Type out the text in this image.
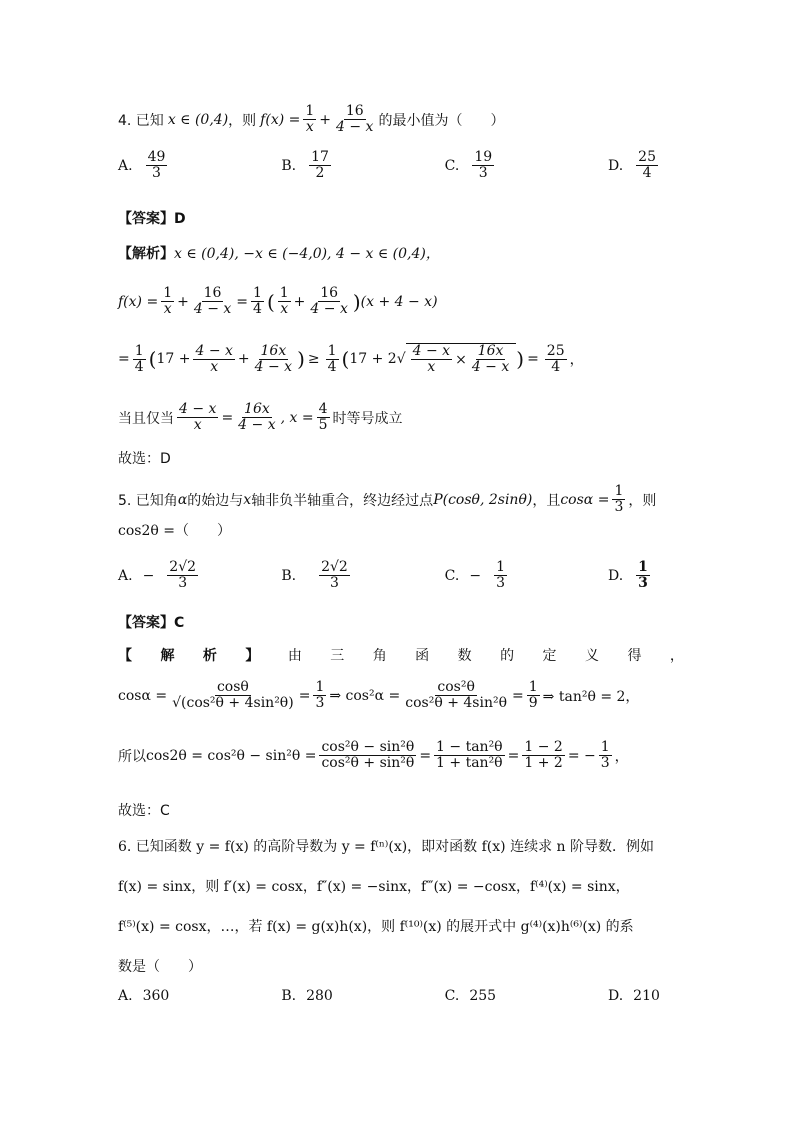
4. 已知 x ∈ (0,4) ，则 $f(x) = \frac{1}{x} + \frac{16}{4 - x}$ 的最小值为（　　）
A. $\frac{49}{3}$	B. $\frac{17}{2}$	C. $\frac{19}{3}$	D. $\frac{25}{4}$
【答案】D
【解析】 x ∈ (0,4), −x ∈ (−4,0), 4 − x ∈ (0,4)，
$f(x) = \frac{1}{x} + \frac{16}{4 - x} = \frac{1}{4}$ ( $\frac{1}{x} + \frac{16}{4 - x}$ ) (x + 4 − x)
= $\frac{1}{4}$ ( $17 + \frac{4 - x}{x} + \frac{16x}{4 - x}$ ) ≥ $\frac{1}{4}$ ( 17 + 2 √ $\frac{4 - x}{x} \times \frac{16x}{4 - x}$ ) = $\frac{25}{4}$ ，
当且仅当 $\frac{4 - x}{x} = \frac{16x}{4 - x}$ , $x = \frac{4}{5}$ 时等号成立
故选：D
5. 已知角 α 的始边与 x 轴非负半轴重合，终边经过点 P(cosθ, 2sinθ) ，且 $\cos\alpha = \frac{1}{3}$ ，则
cos2θ =（　　）
A. − $\frac{2√2}{3}$	B. $\frac{2√2}{3}$	C. − $\frac{1}{3}$	D. $\frac{1}{3}$
【答案】C
【 解 析 】 由 三 角 函 数 的 定 义 得 ，
$\cos\alpha = \frac{\cos\theta}{\text{√(cos²θ + 4sin²θ)}} = \frac{1}{3}$ ⇒ $\cos^2\alpha = \frac{\text{cos²θ}}{\text{cos²θ + 4sin²θ}} = \frac{1}{9}$ ⇒ tan²θ = 2，
所以 $\cos 2\theta = \cos^2\theta - \sin^2\theta = \frac{\text{cos²θ − sin²θ}}{\text{cos²θ + sin²θ}} = \frac{\text{1 − tan²θ}}{\text{1 + tan²θ}} = \frac{1 - 2}{1 + 2}$ = − $\frac{1}{3}$ ，
故选：C
6. 已知函数 y = f(x) 的高阶导数为 y = f⁽ⁿ⁾(x)，即对函数 f(x) 连续求 n 阶导数．例如
f(x) = sinx，则 f′(x) = cosx，f″(x) = −sinx，f‴(x) = −cosx，f⁽⁴⁾(x) = sinx，
f⁽⁵⁾(x) = cosx，…，若 f(x) = g(x)h(x)，则 f⁽¹⁰⁾(x) 的展开式中 g⁽⁴⁾(x)h⁽⁶⁾(x) 的系
数是（　　）
A. 360	B. 280	C. 255	D. 210
